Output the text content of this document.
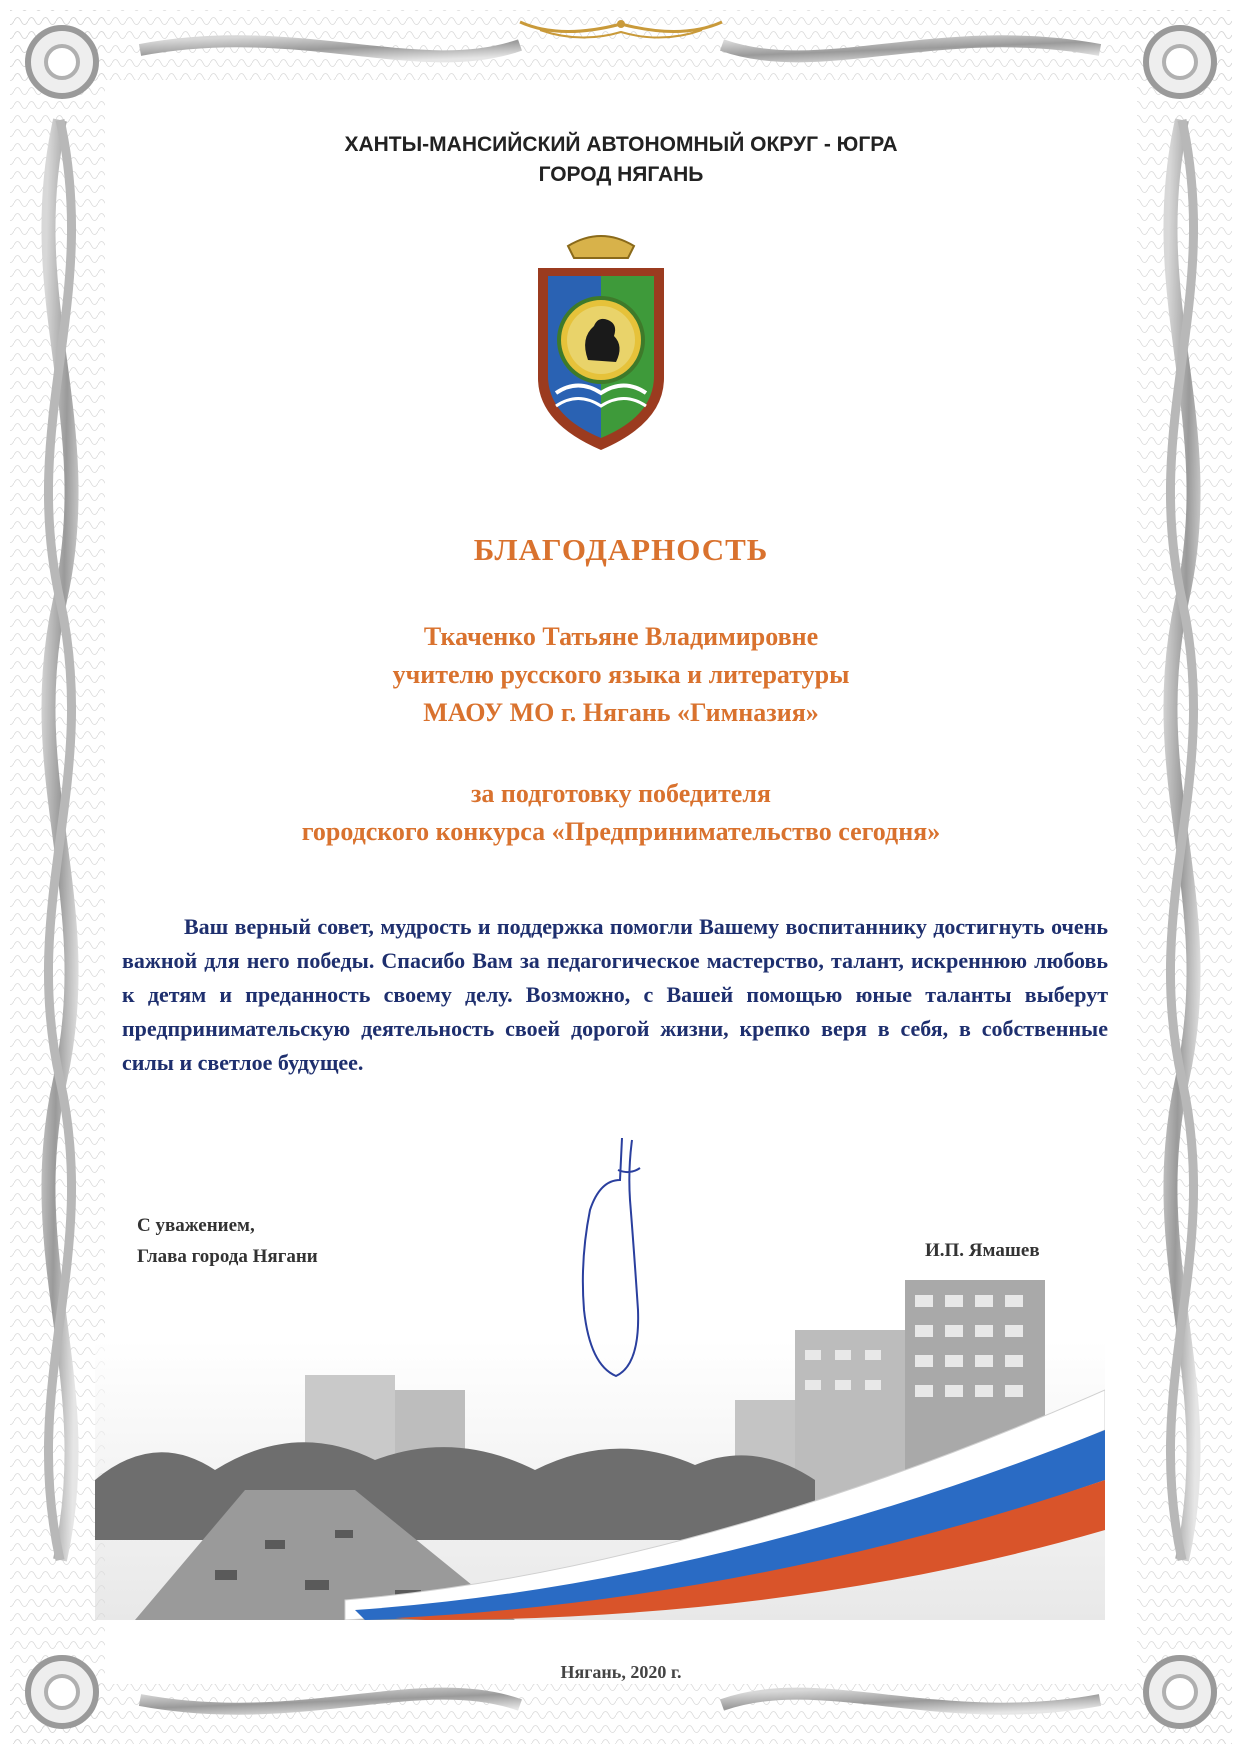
ХАНТЫ-МАНСИЙСКИЙ АВТОНОМНЫЙ ОКРУГ - ЮГРА
ГОРОД НЯГАНЬ
БЛАГОДАРНОСТЬ
Ткаченко Татьяне Владимировне
учителю русского языка и литературы
МАОУ МО г. Нягань «Гимназия»
за подготовку победителя
городского конкурса «Предпринимательство сегодня»
Ваш верный совет, мудрость и поддержка помогли Вашему воспитаннику достигнуть очень важной для него победы. Спасибо Вам за педагогическое мастерство, талант, искреннюю любовь к детям и преданность своему делу. Возможно, с Вашей помощью юные таланты выберут предпринимательскую деятельность своей дорогой жизни, крепко веря в себя, в собственные силы и светлое будущее.
С уважением,
Глава города Нягани	И.П. Ямашев
Нягань, 2020 г.
